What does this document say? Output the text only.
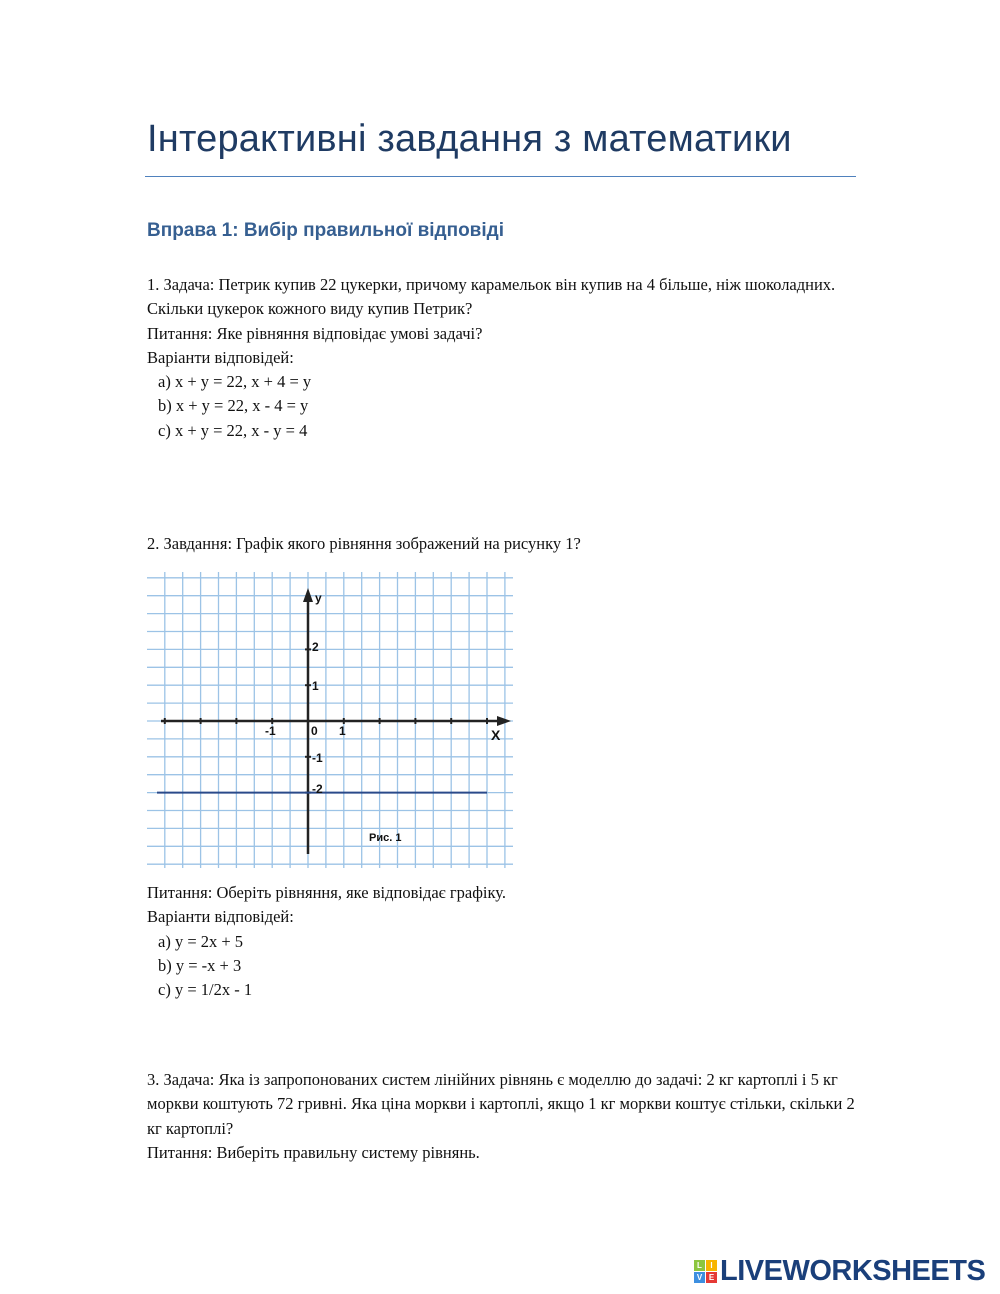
Інтерактивні завдання з математики
Вправа 1: Вибір правильної відповіді
1. Задача: Петрик купив 22 цукерки, причому карамельок він купив на 4 більше, ніж шоколадних.
Скільки цукерок кожного виду купив Петрик?
Питання: Яке рівняння відповідає умові задачі?
Варіанти відповідей:
a) x + y = 22, x + 4 = y
b) x + y = 22, x - 4 = y
c) x + y = 22, x - y = 4
2. Завдання: Графік якого рівняння зображений на рисунку 1?
y
X
0
-1	1
2
1
-1
-2
Рис. 1
Питання: Оберіть рівняння, яке відповідає графіку.
Варіанти відповідей:
a) y = 2x + 5
b) y = -x + 3
c) y = 1/2x - 1
3. Задача: Яка із запропонованих систем лінійних рівнянь є моделлю до задачі: 2 кг картоплі і 5 кг моркви коштують 72 гривні. Яка ціна моркви і картоплі, якщо 1 кг моркви коштує стільки, скільки 2 кг картоплі?
Питання: Виберіть правильну систему рівнянь.
L	I
V E LIVEWORKSHEETS
